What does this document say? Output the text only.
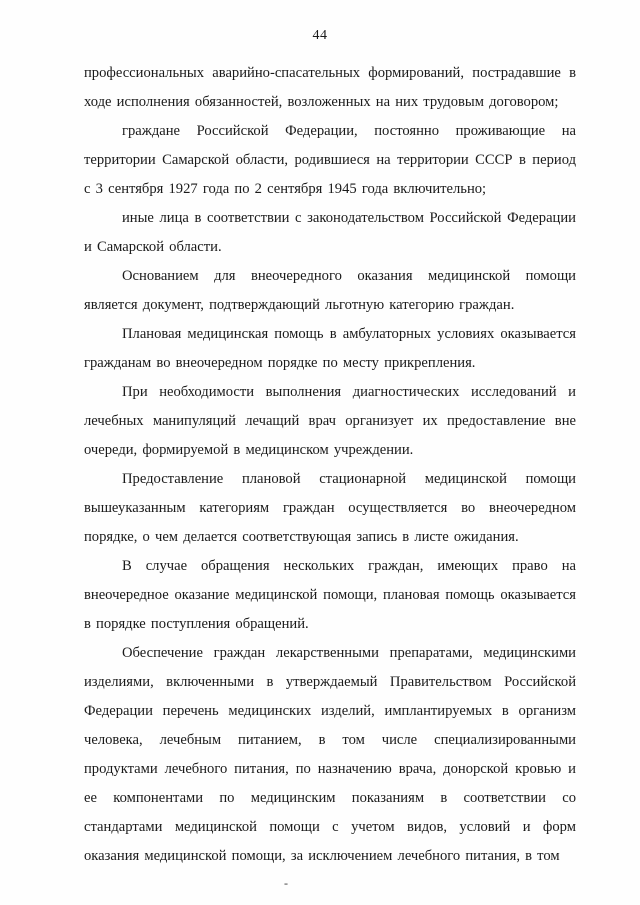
44

профессиональных аварийно-спасательных формирований, пострадавшие в ходе исполнения обязанностей, возложенных на них трудовым договором;

граждане Российской Федерации, постоянно проживающие на территории Самарской области, родившиеся на территории СССР в период с 3 сентября 1927 года по 2 сентября 1945 года включительно;

иные лица в соответствии с законодательством Российской Федерации и Самарской области.

Основанием для внеочередного оказания медицинской помощи является документ, подтверждающий льготную категорию граждан.

Плановая медицинская помощь в амбулаторных условиях оказывается гражданам во внеочередном порядке по месту прикрепления.

При необходимости выполнения диагностических исследований и лечебных манипуляций лечащий врач организует их предоставление вне очереди, формируемой в медицинском учреждении.

Предоставление плановой стационарной медицинской помощи вышеуказанным категориям граждан осуществляется во внеочередном порядке, о чем делается соответствующая запись в листе ожидания.

В случае обращения нескольких граждан, имеющих право на внеочередное оказание медицинской помощи, плановая помощь оказывается в порядке поступления обращений.

Обеспечение граждан лекарственными препаратами, медицинскими изделиями, включенными в утверждаемый Правительством Российской Федерации перечень медицинских изделий, имплантируемых в организм человека, лечебным питанием, в том числе специализированными продуктами лечебного питания, по назначению врача, донорской кровью и ее компонентами по медицинским показаниям в соответствии со стандартами медицинской помощи с учетом видов, условий и форм оказания медицинской помощи, за исключением лечебного питания, в том

-
